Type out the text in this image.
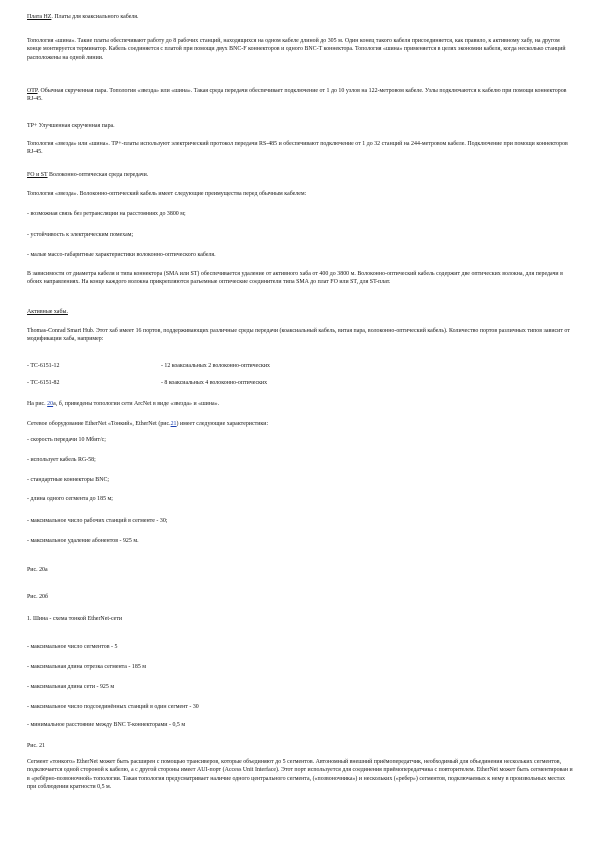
Плата HZ. Платы для коаксиального кабеля.

Топология «шина». Такие платы обеспечивают работу до 8 рабочих станций, находящихся на одном кабеле длиной до 305 м. Один конец такого кабеля присоединяется, как правило, к активному хабу, на другом конце монтируется терминатор. Кабель соединяется с платой при помощи двух BNC-F коннекторов и одного BNC-T коннектора. Топология «шина» применяется в целях экономии кабеля, когда несколько станций расположены на одной линии.

OTP. Обычная скрученная пара. Топология «звезда» или «шина». Такая среда передачи обеспечивает подключение от 1 до 10 узлов на 122-метровом кабеле. Узлы подключаются к кабелю при помощи коннекторов RJ-45.

TP+ Улучшенная скрученная пара.

Топология «звезда» или «шина». TP+-платы используют электрический протокол передачи RS-485 и обеспечивают подключение от 1 до 32 станций на 244-метровом кабеле. Подключение при помощи коннекторов RJ-45.

FO и ST Волоконно-оптическая среда передачи.

Топология «звезда». Волоконно-оптический кабель имеет следующие преимущества перед обычным кабелем:

- возможная связь без ретрансляции на расстояниях до 3800 м;

- устойчивость к электрическим помехам;

- малые массо-габаритные характеристики волоконно-оптического кабеля.

В зависимости от диаметра кабеля и типа коннектора (SMA или ST) обеспечивается удаление от активного хаба от 400 до 3800 м. Волоконно-оптический кабель содержит две оптических волокна, для передачи в обоих направлениях. На конце каждого волокна прикрепляются разъемные оптические соединители типа SMA до плат FO или ST, для ST-плат.

Активные хабы.

Thomas-Conrad Smart Hub. Этот хаб имеет 16 портов, поддерживающих различные среды передачи (коаксиальный кабель, витая пара, волоконно-оптический кабель). Количество портов различных типов зависит от модификации хаба, например:

- TC-6151-12	- 12 коаксиальных 2 волоконно-оптических
- TC-6151-82	- 8 коаксиальных 4 волоконно-оптических

На рис. 20а, б, приведены топологии сети ArcNet в виде «звезда» и «шина».

Сетевое оборудование EtherNet «Тонкий», EtherNet (рис.21) имеет следующие характеристики:

- скорость передачи 10 Мбит/с;

- использует кабель RG-58;

- стандартные коннекторы BNC;

- длина одного сегмента до 185 м;

- максимальное число рабочих станций в сегменте - 30;

- максимальное удаление абонентов - 925 м.

Рис. 20а

Рис. 20б

1. Шина - схема тонкой EtherNet-сети

- максимальное число сегментов - 5

- максимальная длина отрезка сегмента - 185 м

- максимальная длина сети - 925 м

- максимальное число подсоединённых станций в один сегмент - 30

- минимальное расстояние между BNC T-коннекторами - 0,5 м

Рис. 21

Сегмент «тонкого» EtherNet может быть расширен с помощью трансиверов, которые объединяют до 5 сегментов. Автономный внешний приёмопередатчик, необходимый для объединения нескольких сегментов, подключается одной стороной к кабелю, а с другой стороны имеет AUI-порт (Access Unit Interface). Этот порт используется для соединения приёмопередатчика с повторителем. EtherNet может быть сегментирован и в «ребёрно-позвоночной» топологии. Такая топология предусматривает наличие одного центрального сегмента, («позвоночника») и нескольких («ребер») сегментов, подключаемых к нему в произвольных местах при соблюдении кратности 0,5 м.
